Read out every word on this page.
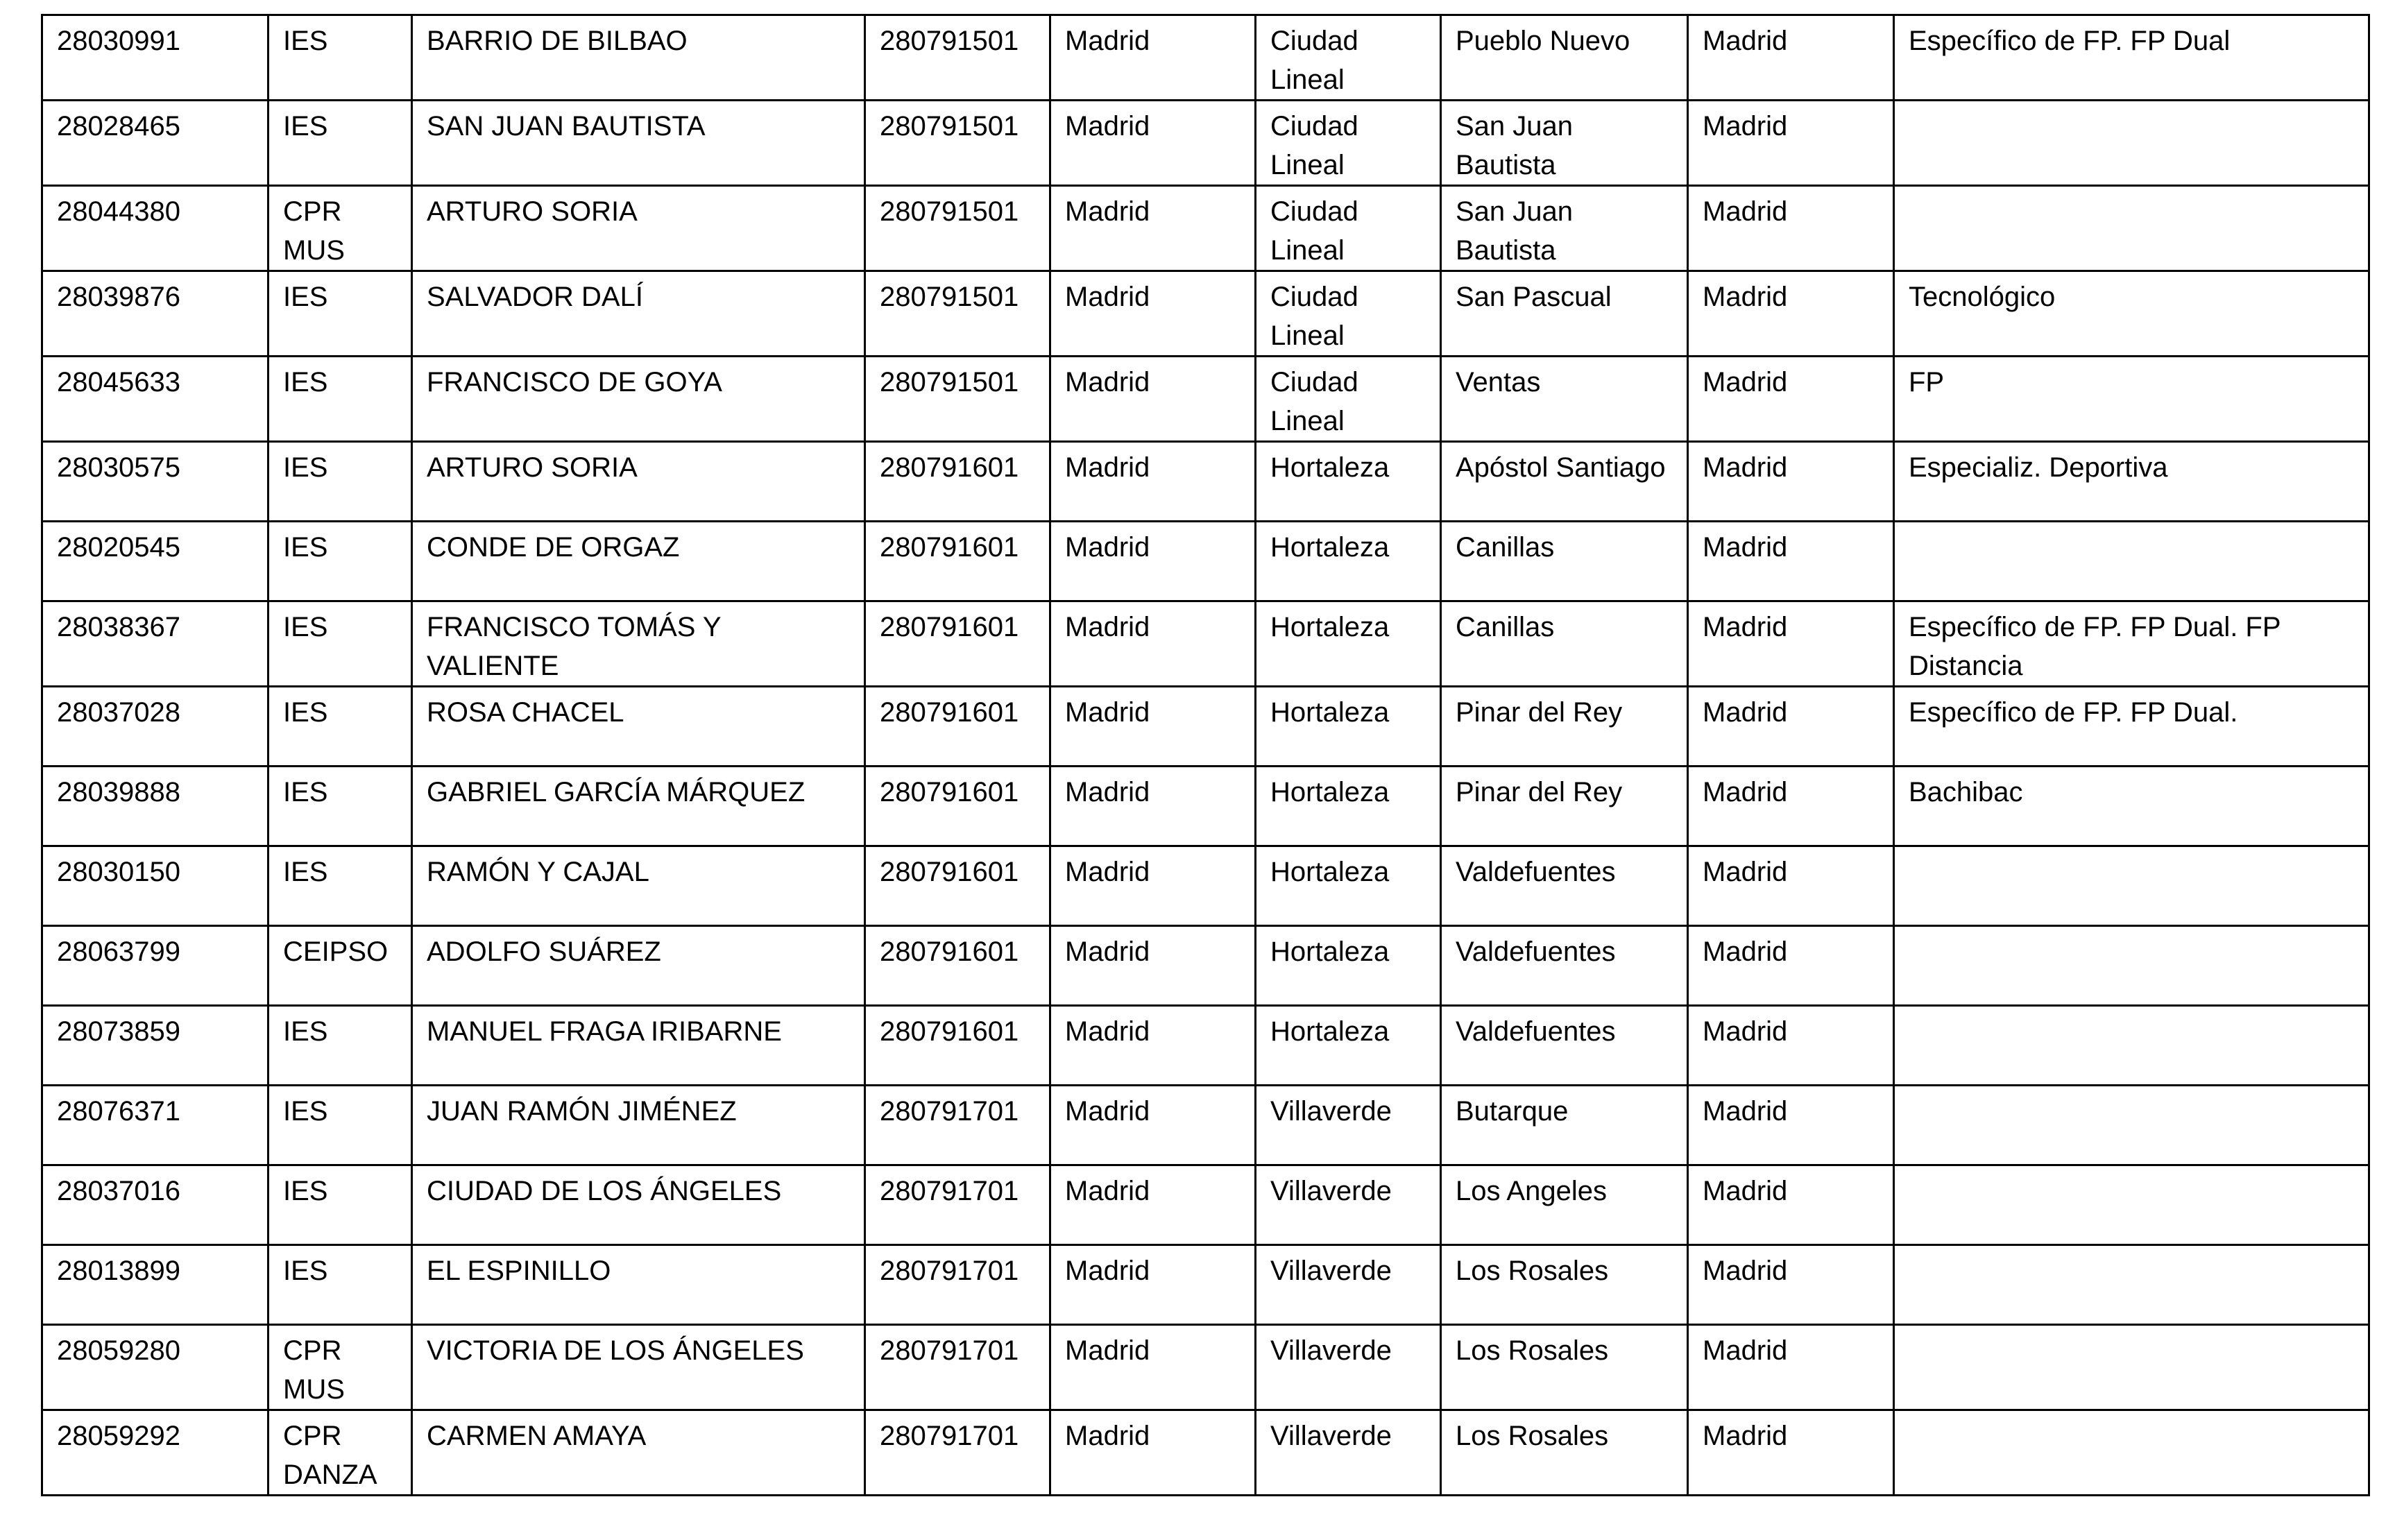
28030991	IES	BARRIO DE BILBAO	280791501	Madrid	Ciudad Lineal	Pueblo Nuevo	Madrid	Específico de FP. FP Dual
28028465	IES	SAN JUAN BAUTISTA	280791501	Madrid	Ciudad Lineal	San Juan Bautista	Madrid	
28044380	CPR MUS	ARTURO SORIA	280791501	Madrid	Ciudad Lineal	San Juan Bautista	Madrid	
28039876	IES	SALVADOR DALÍ	280791501	Madrid	Ciudad Lineal	San Pascual	Madrid	Tecnológico
28045633	IES	FRANCISCO DE GOYA	280791501	Madrid	Ciudad Lineal	Ventas	Madrid	FP
28030575	IES	ARTURO SORIA	280791601	Madrid	Hortaleza	Apóstol Santiago	Madrid	Especializ. Deportiva
28020545	IES	CONDE DE ORGAZ	280791601	Madrid	Hortaleza	Canillas	Madrid	
28038367	IES	FRANCISCO TOMÁS Y VALIENTE	280791601	Madrid	Hortaleza	Canillas	Madrid	Específico de FP. FP Dual. FP Distancia
28037028	IES	ROSA CHACEL	280791601	Madrid	Hortaleza	Pinar del Rey	Madrid	Específico de FP. FP Dual.
28039888	IES	GABRIEL GARCÍA MÁRQUEZ	280791601	Madrid	Hortaleza	Pinar del Rey	Madrid	Bachibac
28030150	IES	RAMÓN Y CAJAL	280791601	Madrid	Hortaleza	Valdefuentes	Madrid	
28063799	CEIPSO	ADOLFO SUÁREZ	280791601	Madrid	Hortaleza	Valdefuentes	Madrid	
28073859	IES	MANUEL FRAGA IRIBARNE	280791601	Madrid	Hortaleza	Valdefuentes	Madrid	
28076371	IES	JUAN RAMÓN JIMÉNEZ	280791701	Madrid	Villaverde	Butarque	Madrid	
28037016	IES	CIUDAD DE LOS ÁNGELES	280791701	Madrid	Villaverde	Los Angeles	Madrid	
28013899	IES	EL ESPINILLO	280791701	Madrid	Villaverde	Los Rosales	Madrid	
28059280	CPR MUS	VICTORIA DE LOS ÁNGELES	280791701	Madrid	Villaverde	Los Rosales	Madrid	
28059292	CPR DANZA	CARMEN AMAYA	280791701	Madrid	Villaverde	Los Rosales	Madrid	
